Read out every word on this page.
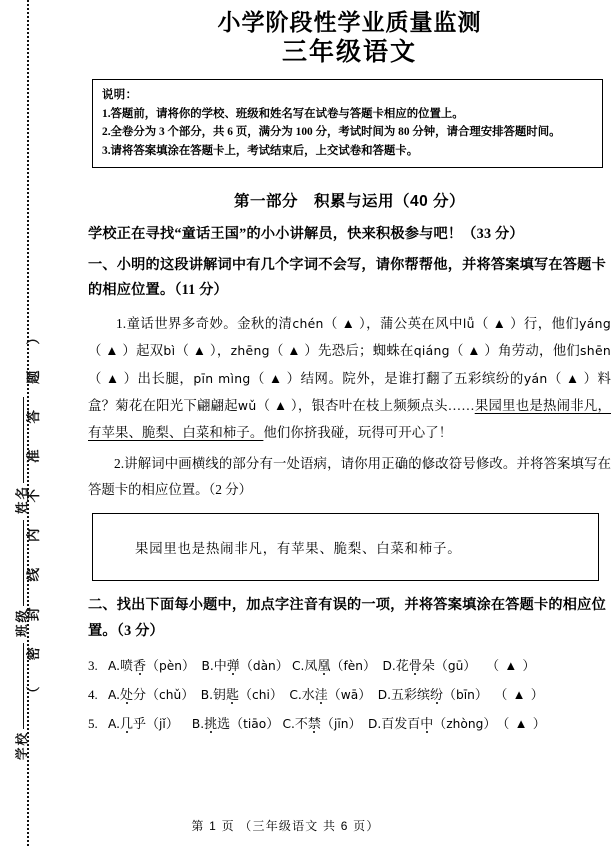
（密封线内不准答题）
学校班级姓名
小学阶段性学业质量监测
三年级语文
说明：
1.答题前，请将你的学校、班级和姓名写在试卷与答题卡相应的位置上。
2.全卷分为 3 个部分，共 6 页，满分为 100 分，考试时间为 80 分钟，请合理安排答题时间。
3.请将答案填涂在答题卡上，考试结束后，上交试卷和答题卡。
第一部分　积累与运用（40 分）
学校正在寻找“童话王国”的小小讲解员，快来积极参与吧！（33 分）
一、小明的这段讲解词中有几个字词不会写，请你帮帮他，并将答案填写在答题卡的相应位置。（11 分）
1.童话世界多奇妙。金秋的清chén（ ▲ ），蒲公英在风中lǚ（ ▲ ）行，他们yáng（ ▲ ）起双bì（ ▲ ），zhēng（ ▲ ）先恐后；蜘蛛在qiáng（ ▲ ）角劳动，他们shēn（ ▲ ）出长腿，pīn mìng（ ▲ ）结网。院外，是谁打翻了五彩缤纷的yán（ ▲ ）料盒？菊花在阳光下翩翩起wǔ（ ▲ ），银杏叶在枝上频频点头……果园里也是热闹非凡，有苹果、脆梨、白菜和柿子。他们你挤我碰，玩得可开心了！
2.讲解词中画横线的部分有一处语病，请你用正确的修改符号修改。并将答案填写在答题卡的相应位置。（2 分）
果园里也是热闹非凡，有苹果、脆梨、白菜和柿子。
二、找出下面每小题中，加点字注音有误的一项，并将答案填涂在答题卡的相应位置。（3 分）
3. A.喷香（pèn） B.中弹（dàn） C.凤凰（fèn） D.花骨朵（gū） （ ▲ ）
4. A.处分（chǔ） B.钥匙（chi） C.水洼（wā） D.五彩缤纷（bīn） （ ▲ ）
5. A.几乎（jǐ） B.挑选（tiāo） C.不禁（jīn） D.百发百中（zhòng）（ ▲ ）
第 1 页 （三年级语文 共 6 页）
